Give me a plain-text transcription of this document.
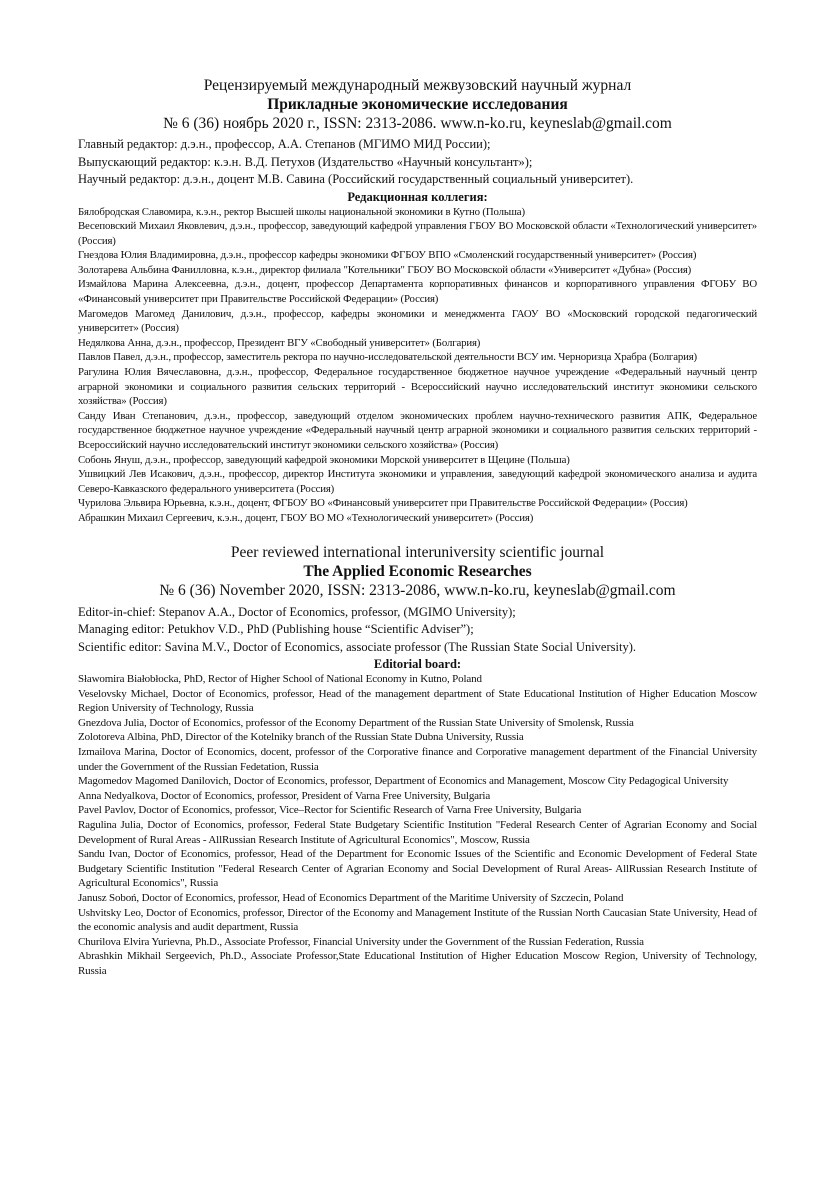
Рецензируемый международный межвузовский научный журнал
Прикладные экономические исследования
№ 6 (36) ноябрь 2020 г., ISSN: 2313-2086. www.n-ko.ru, keyneslab@gmail.com
Главный редактор: д.э.н., профессор, А.А. Степанов (МГИМО МИД России);
Выпускающий редактор: к.э.н. В.Д. Петухов (Издательство «Научный консультант»);
Научный редактор: д.э.н., доцент М.В. Савина (Российский государственный социальный университет).
Редакционная коллегия:

Бялобродская Славомира, к.э.н., ректор Высшей школы национальной экономики в Кутно (Польша)

Весеповский Михаил Яковлевич, д.э.н., профессор, заведующий кафедрой управления ГБОУ ВО Московской области «Технологический университет» (Россия)

Гнездова Юлия Владимировна, д.э.н., профессор кафедры экономики ФГБОУ ВПО «Смоленский государственный университет» (Россия)

Золотарева Альбина Фанилловна, к.э.н., директор филиала "Котельники" ГБОУ ВО Московской области «Университет «Дубна» (Россия)

Измайлова Марина Алексеевна, д.э.н., доцент, профессор Департамента корпоративных финансов и корпоративного управления ФГОБУ ВО «Финансовый университет при Правительстве Российской Федерации» (Россия)

Магомедов Магомед Данилович, д.э.н., профессор, кафедры экономики и менеджмента ГАОУ ВО «Московский городской педагогический университет» (Россия)

Недялкова Анна, д.э.н., профессор, Президент ВГУ «Свободный университет» (Болгария)

Павлов Павел, д.э.н., профессор, заместитель ректора по научно-исследовательской деятельности ВСУ им. Черноризца Храбра (Болгария)

Рагулина Юлия Вячеславовна, д.э.н., профессор, Федеральное государственное бюджетное научное учреждение «Федеральный научный центр аграрной экономики и социального развития сельских территорий - Всероссийский научно исследовательский институт экономики сельского хозяйства» (Россия)

Санду Иван Степанович, д.э.н., профессор, заведующий отделом экономических проблем научно-технического развития АПК, Федеральное государственное бюджетное научное учреждение «Федеральный научный центр аграрной экономики и социального развития сельских территорий - Всероссийский научно исследовательский институт экономики сельского хозяйства» (Россия)

Собонь Януш, д.э.н., профессор, заведующий кафедрой экономики Морской университет в Щецине (Польша)

Ушвицкий Лев Исакович, д.э.н., профессор, директор Института экономики и управления, заведующий кафедрой экономического анализа и аудита Северо-Кавказского федерального университета (Россия)

Чурилова Эльвира Юрьевна, к.э.н., доцент, ФГБОУ ВО «Финансовый университет при Правительстве Российской Федерации» (Россия)

Абрашкин Михаил Сергеевич, к.э.н., доцент, ГБОУ ВО МО «Технологический университет» (Россия)

Peer reviewed international interuniversity scientific journal
The Applied Economic Researches
№ 6 (36) November 2020, ISSN: 2313-2086, www.n-ko.ru, keyneslab@gmail.com
Editor-in-chief: Stepanov A.A., Doctor of Economics, professor, (MGIMO University);
Managing editor: Petukhov V.D., PhD (Publishing house “Scientific Adviser”);
Scientific editor: Savina M.V., Doctor of Economics, associate professor (The Russian State Social University).
Editorial board:

Sławomira Białobłocka, PhD, Rector of Higher School of National Economy in Kutno, Poland

Veselovsky Michael, Doctor of Economics, professor, Head of the management department of State Educational Institution of Higher Education Moscow Region University of Technology, Russia

Gnezdova Julia, Doctor of Economics, professor of the Economy Department of the Russian State University of Smolensk, Russia

Zolotoreva Albina, PhD, Director of the Kotelniky branch of the Russian State Dubna University, Russia

Izmailova Marina, Doctor of Economics, docent, professor of the Corporative finance and Corporative management department of the Financial University under the Government of the Russian Fedetation, Russia

Magomedov Magomed Danilovich, Doctor of Economics, professor, Department of Economics and Management, Moscow City Pedagogical University

Anna Nedyalkova, Doctor of Economics, professor, President of Varna Free University, Bulgaria

Pavel Pavlov, Doctor of Economics, professor, Vice–Rector for Scientific Research of Varna Free University, Bulgaria

Ragulina Julia, Doctor of Economics, professor, Federal State Budgetary Scientific Institution "Federal Research Center of Agrarian Economy and Social Development of Rural Areas - AllRussian Research Institute of Agricultural Economics", Moscow, Russia

Sandu Ivan, Doctor of Economics, professor, Head of the Department for Economic Issues of the Scientific and Economic Development of Federal State Budgetary Scientific Institution "Federal Research Center of Agrarian Economy and Social Development of Rural Areas- AllRussian Research Institute of Agricultural Economics", Russia

Janusz Soboń, Doctor of Economics, professor, Head of Economics Department of the Maritime University of Szczecin, Poland

Ushvitsky Leo, Doctor of Economics, professor, Director of the Economy and Management Institute of the Russian North Caucasian State University, Head of the economic analysis and audit department, Russia

Churilova Elvira Yurievna, Ph.D., Associate Professor, Financial University under the Government of the Russian Federation, Russia

Abrashkin Mikhail Sergeevich, Ph.D., Associate Professor,State Educational Institution of Higher Education Moscow Region, University of Technology, Russia
